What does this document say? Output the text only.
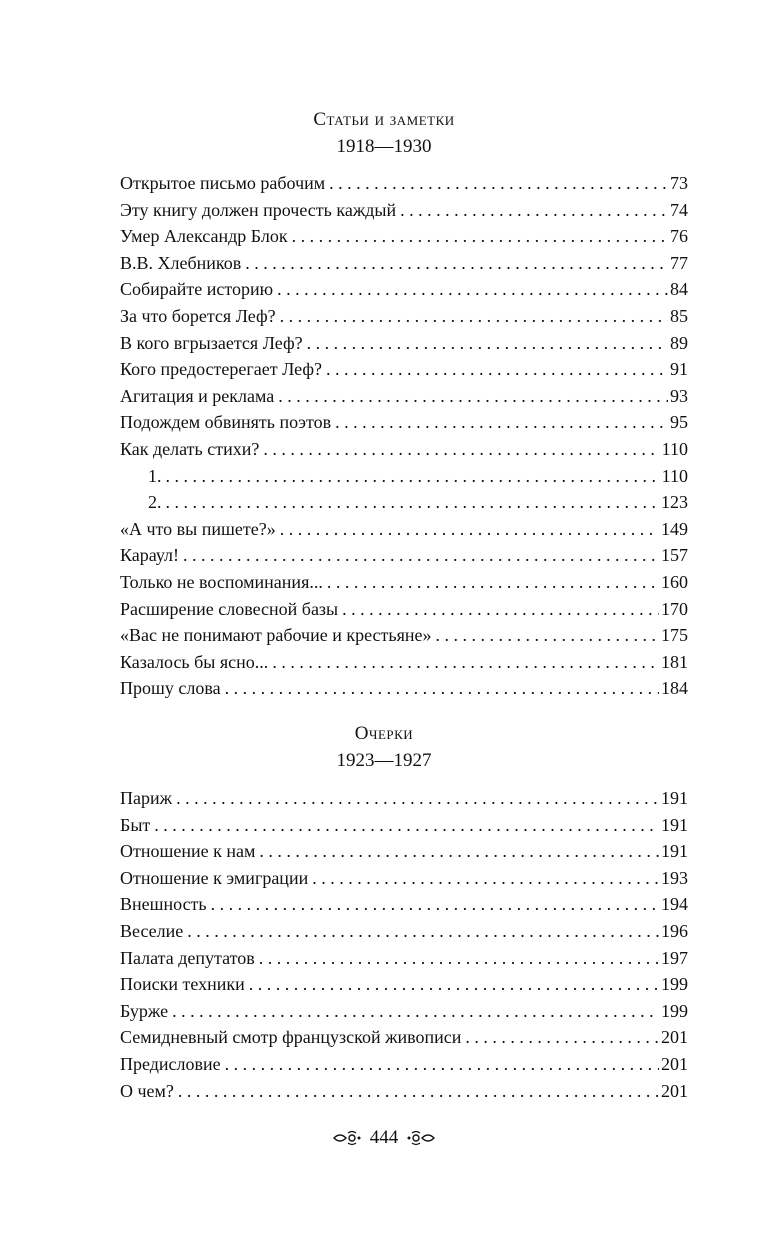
Статьи и заметки
1918—1930
Открытое письмо рабочим . . .	73
Эту книгу должен прочесть каждый . . .	74
Умер Александр Блок . . .	76
В.В. Хлебников . . .	77
Собирайте историю . . .	84
За что борется Леф? . . .	85
В кого вгрызается Леф? . . .	89
Кого предостерегает Леф? . . .	91
Агитация и реклама . . .	93
Подождем обвинять поэтов . . .	95
Как делать стихи? . . .	110
1. . . .	110
2. . . .	123
«А что вы пишете?» . . .	149
Караул! . . .	157
Только не воспоминания... . . .	160
Расширение словесной базы . . .	170
«Вас не понимают рабочие и крестьяне» . . .	175
Казалось бы ясно... . . .	181
Прошу слова . . .	184
Очерки
1923—1927
Париж . . .	191
Быт . . .	191
Отношение к нам . . .	191
Отношение к эмиграции . . .	193
Внешность . . .	194
Веселие . . .	196
Палата депутатов . . .	197
Поиски техники . . .	199
Бурже . . .	199
Семидневный смотр французской живописи . . .	201
Предисловие . . .	201
О чем? . . .	201
444
